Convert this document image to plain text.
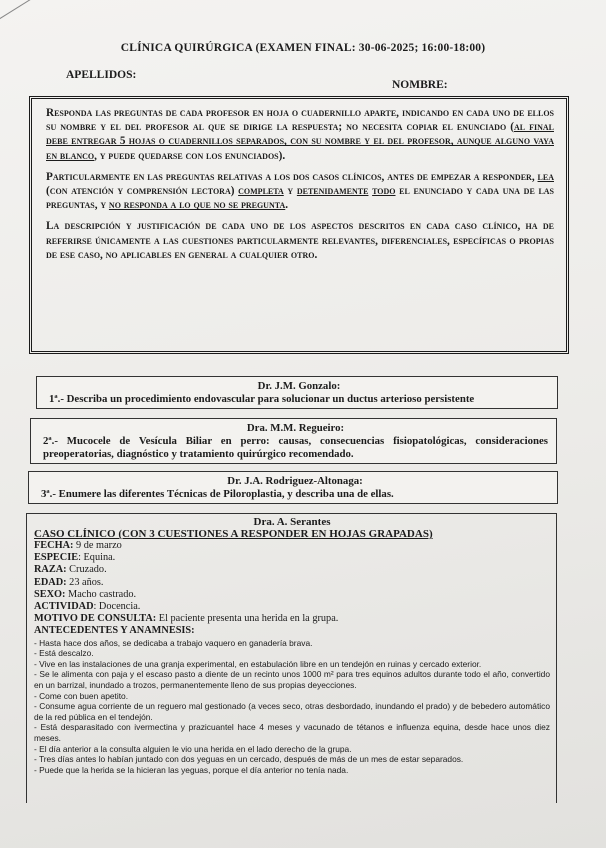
CLÍNICA QUIRÚRGICA (EXAMEN FINAL: 30-06-2025; 16:00-18:00)
APELLIDOS:
NOMBRE:

Responda las preguntas de cada profesor en hoja o cuadernillo aparte, indicando en cada uno de ellos su nombre y el del profesor al que se dirige la respuesta; no necesita copiar el enunciado (al final debe entregar 5 hojas o cuadernillos separados, con su nombre y el del profesor, aunque alguno vaya en blanco, y puede quedarse con los enunciados).

Particularmente en las preguntas relativas a los dos casos clínicos, antes de empezar a responder, lea (con atención y comprensión lectora) completa y detenidamente todo el enunciado y cada una de las preguntas, y no responda a lo que no se pregunta.

La descripción y justificación de cada uno de los aspectos descritos en cada caso clínico, ha de referirse únicamente a las cuestiones particularmente relevantes, diferenciales, específicas o propias de ese caso, no aplicables en general a cualquier otro.

Dr. J.M. Gonzalo:
1ª.- Describa un procedimiento endovascular para solucionar un ductus arterioso persistente
Dra. M.M. Regueiro:
2ª.- Mucocele de Vesícula Biliar en perro: causas, consecuencias fisiopatológicas, consideraciones preoperatorias, diagnóstico y tratamiento quirúrgico recomendado.
Dr. J.A. Rodriguez-Altonaga:
3ª.- Enumere las diferentes Técnicas de Piloroplastia, y describa una de ellas.
Dra. A. Serantes
CASO CLÍNICO (CON 3 CUESTIONES A RESPONDER EN HOJAS GRAPADAS)
FECHA: 9 de marzo
ESPECIE: Equina.
RAZA: Cruzado.
EDAD: 23 años.
SEXO: Macho castrado.
ACTIVIDAD: Docencia.
MOTIVO DE CONSULTA: El paciente presenta una herida en la grupa.
ANTECEDENTES Y ANAMNESIS:
- Hasta hace dos años, se dedicaba a trabajo vaquero en ganadería brava.
- Está descalzo.
- Vive en las instalaciones de una granja experimental, en estabulación libre en un tendejón en ruinas y cercado exterior.
- Se le alimenta con paja y el escaso pasto a diente de un recinto unos 1000 m² para tres equinos adultos durante todo el año, convertido en un barrizal, inundado a trozos, permanentemente lleno de sus propias deyecciones.
- Come con buen apetito.
- Consume agua corriente de un reguero mal gestionado (a veces seco, otras desbordado, inundando el prado) y de bebedero automático de la red pública en el tendejón.
- Está desparasitado con ivermectina y prazicuantel hace 4 meses y vacunado de tétanos e influenza equina, desde hace unos diez meses.
- El día anterior a la consulta alguien le vio una herida en el lado derecho de la grupa.
- Tres días antes lo habían juntado con dos yeguas en un cercado, después de más de un mes de estar separados.
- Puede que la herida se la hicieran las yeguas, porque el día anterior no tenía nada.
